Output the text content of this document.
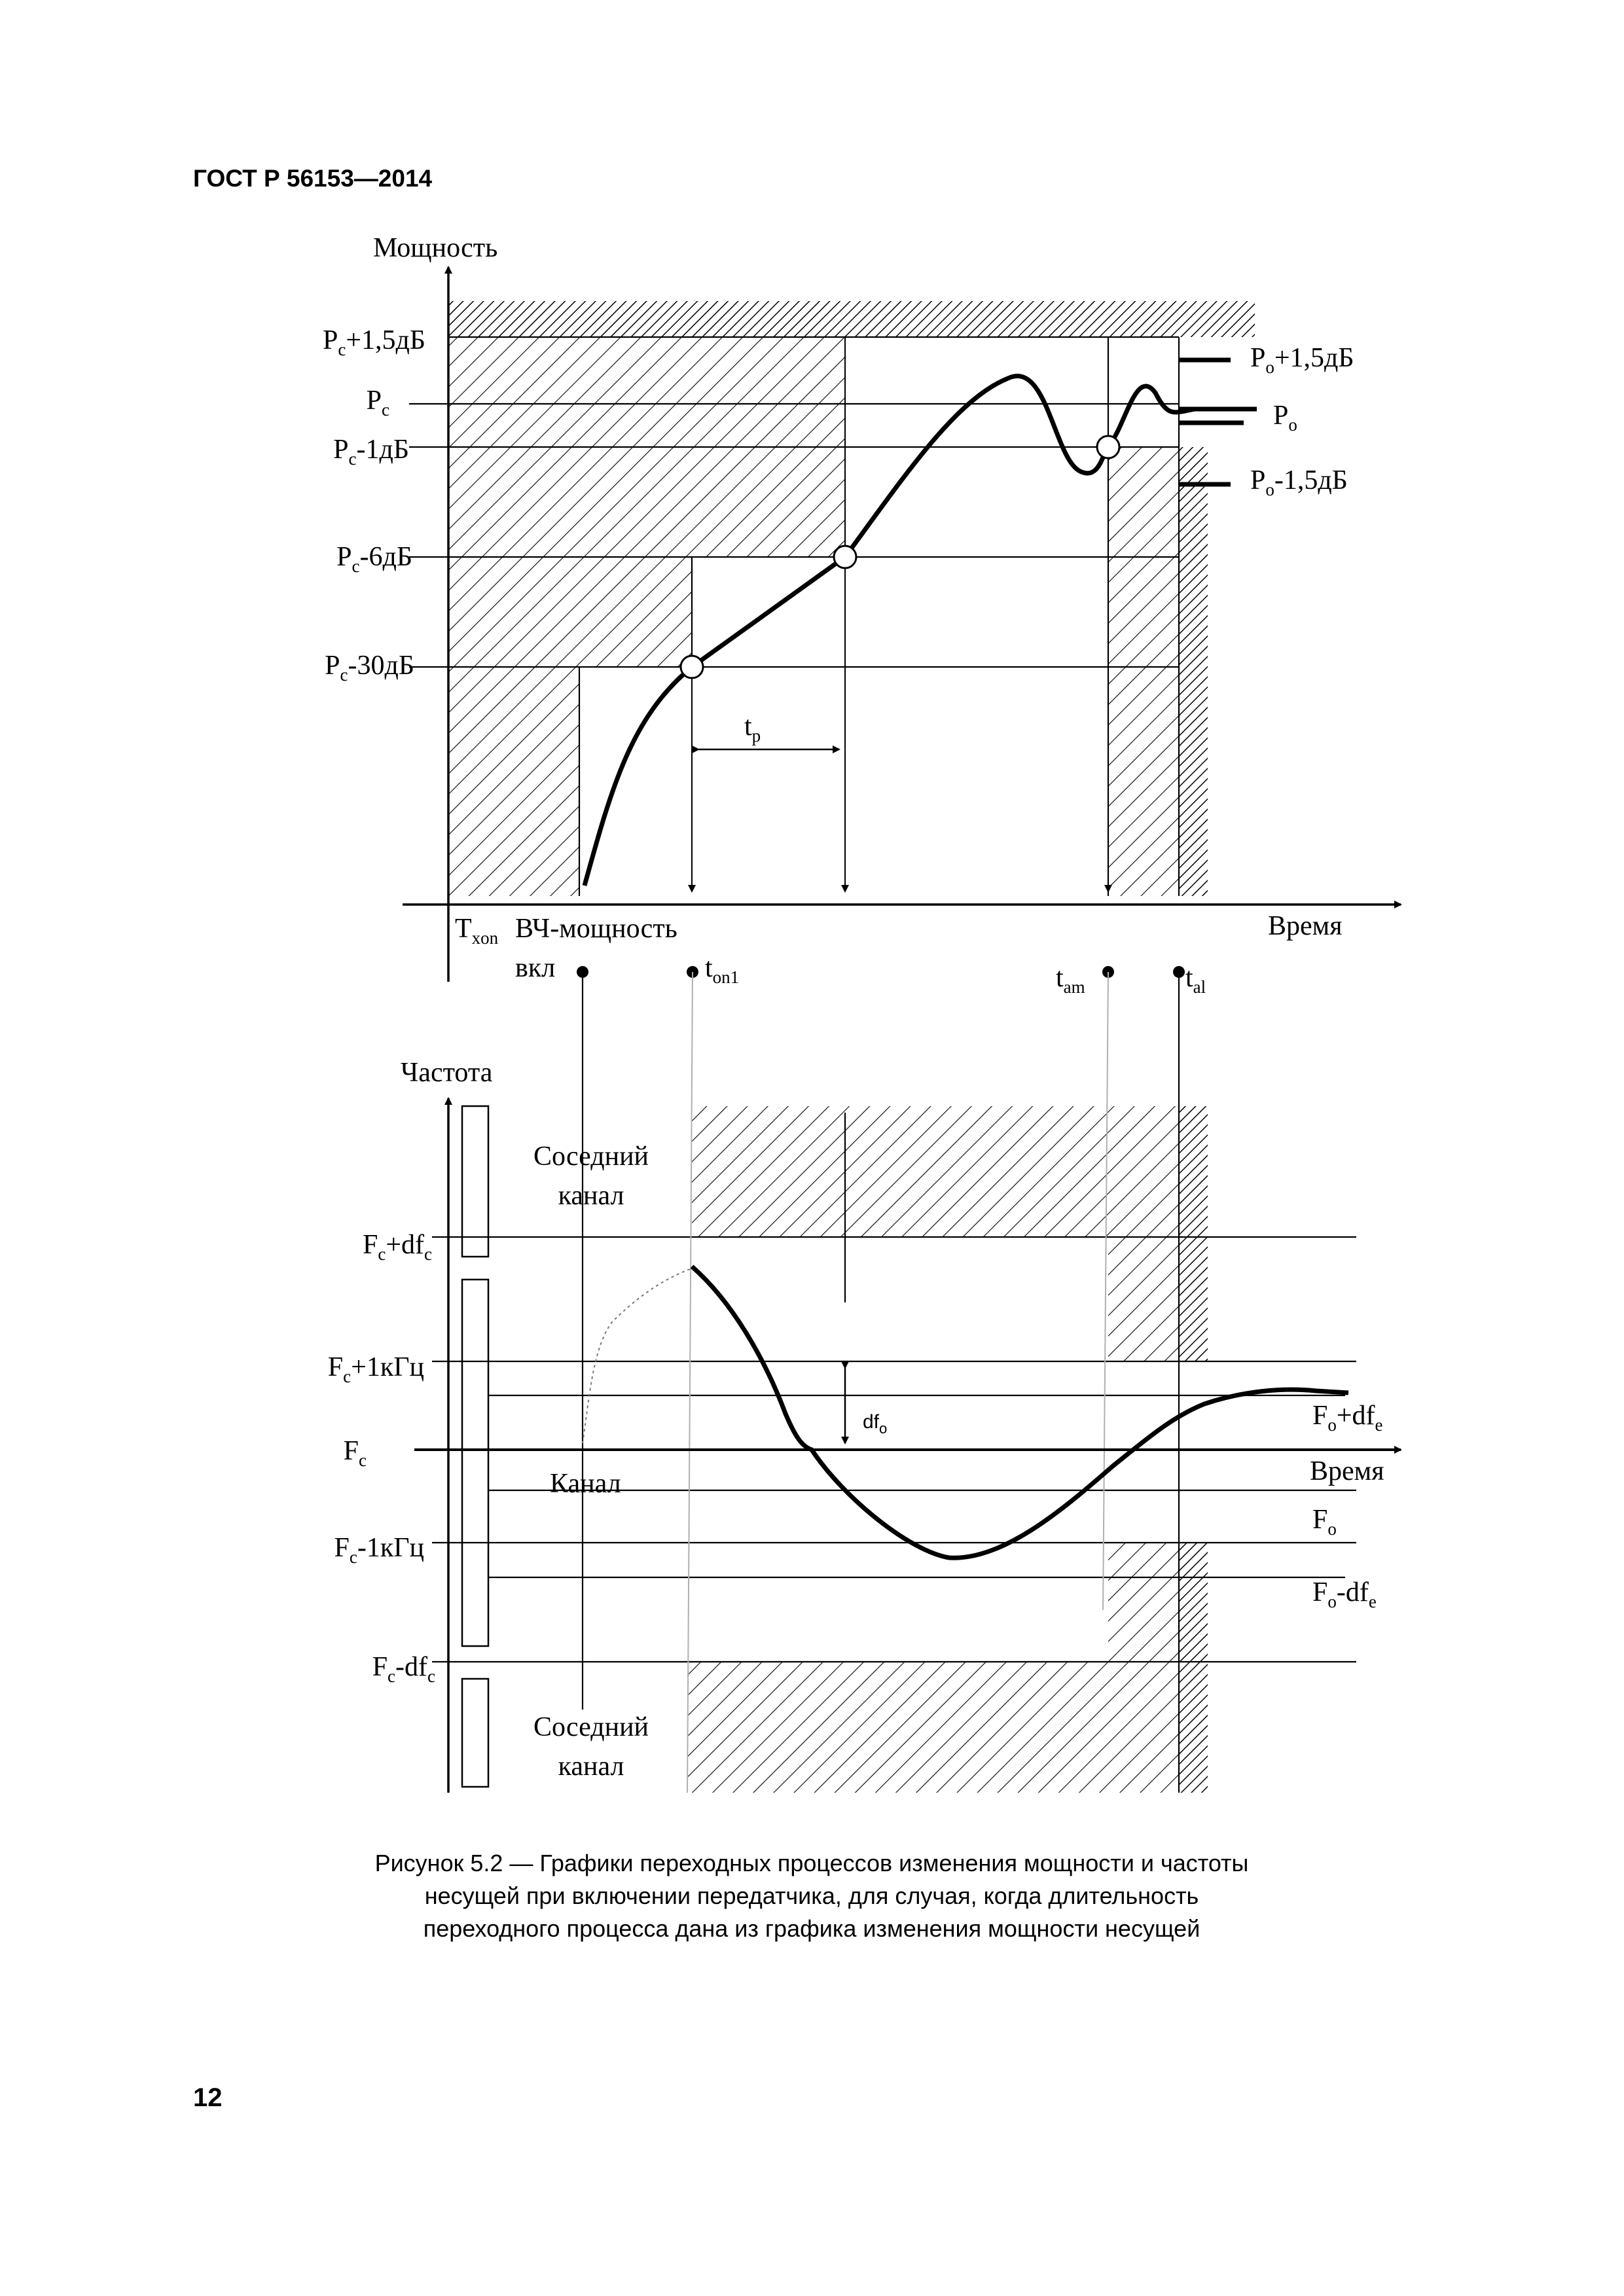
ГОСТ Р 56153—2014
Мощность
Время
$P_c+1,5дБ$
$P_c$
$P_c-1дБ$
$P_c-6дБ$
$P_c-30дБ$
$P_o+1,5дБ$
$P_o$
$P_o-1,5дБ$
$t_p$
$T_{xon}$ ВЧ-мощность
вкл	$t_{on1}$	$t_{am}$	$t_{al}$
Частота
Время
Соседний
канал
Канал
Соседний
канал
$F_c+df_c$
$F_c+1кГц$
$F_c$
$F_c-1кГц$
$F_c-df_c$
$F_o+df_e$
$F_o$
$F_o-df_e$
$df_o$
Рисунок 5.2 — Графики переходных процессов изменения мощности и частоты
несущей при включении передатчика, для случая, когда длительность
переходного процесса дана из графика изменения мощности несущей
12
